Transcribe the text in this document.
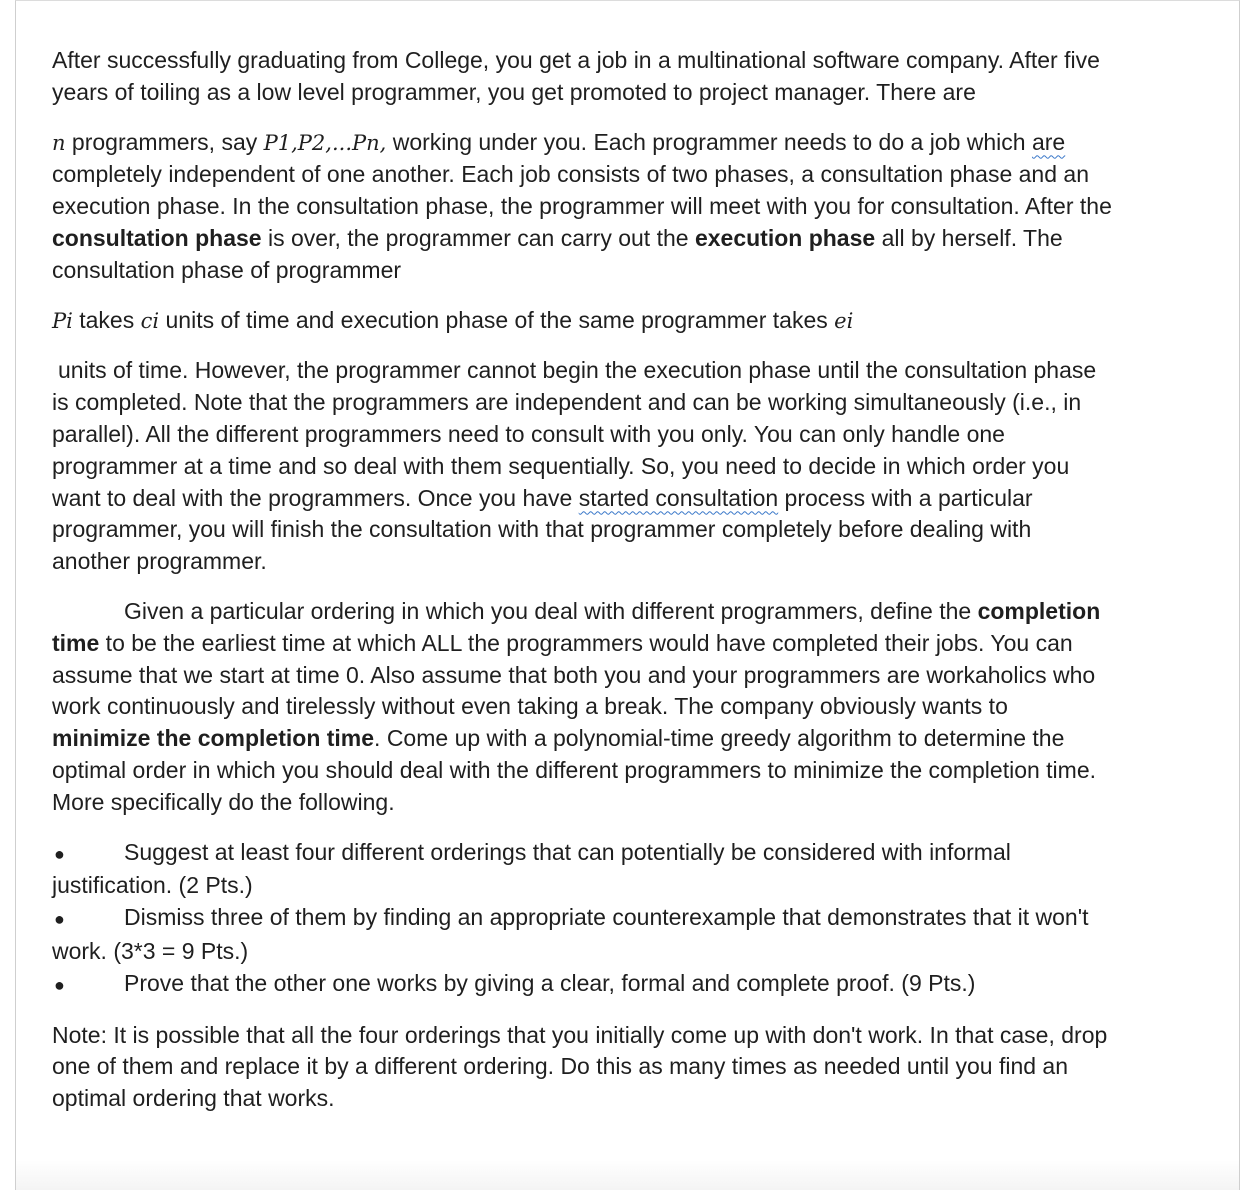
After successfully graduating from College, you get a job in a multinational software company. After five years of toiling as a low level programmer, you get promoted to project manager. There are

n programmers, say P1,P2,...Pn, working under you. Each programmer needs to do a job which are completely independent of one another. Each job consists of two phases, a consultation phase and an execution phase. In the consultation phase, the programmer will meet with you for consultation. After the consultation phase is over, the programmer can carry out the execution phase all by herself. The consultation phase of programmer

Pi takes ci units of time and execution phase of the same programmer takes ei

units of time. However, the programmer cannot begin the execution phase until the consultation phase is completed. Note that the programmers are independent and can be working simultaneously (i.e., in parallel). All the different programmers need to consult with you only. You can only handle one programmer at a time and so deal with them sequentially. So, you need to decide in which order you want to deal with the programmers. Once you have started consultation process with a particular programmer, you will finish the consultation with that programmer completely before dealing with another programmer.

Given a particular ordering in which you deal with different programmers, define the completion time to be the earliest time at which ALL the programmers would have completed their jobs. You can assume that we start at time 0. Also assume that both you and your programmers are workaholics who work continuously and tirelessly without even taking a break. The company obviously wants to minimize the completion time. Come up with a polynomial-time greedy algorithm to determine the optimal order in which you should deal with the different programmers to minimize the completion time. More specifically do the following.

●	Suggest at least four different orderings that can potentially be considered with informal justification. (2 Pts.)
●	Dismiss three of them by finding an appropriate counterexample that demonstrates that it won't work. (3*3 = 9 Pts.)
●	Prove that the other one works by giving a clear, formal and complete proof. (9 Pts.)

Note: It is possible that all the four orderings that you initially come up with don't work. In that case, drop one of them and replace it by a different ordering. Do this as many times as needed until you find an optimal ordering that works.
